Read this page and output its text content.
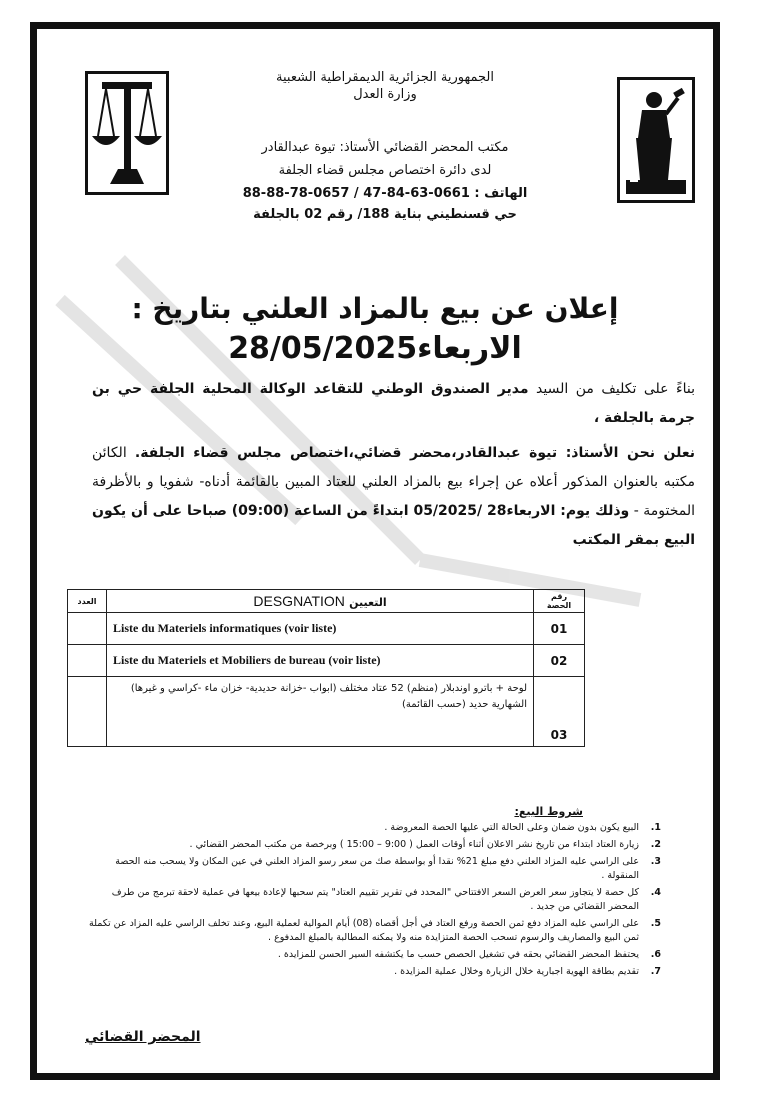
الجمهورية الجزائرية الديمقراطية الشعبية
وزارة العدل
مكتب المحضر القضائي الأستاذ: تيوة عبدالقادر
لدى دائرة اختصاص مجلس قضاء الجلفة
الهاتف : 0661-63-84-47 / 0657-78-88-88
حي قسنطيني بناية 188/ رقم 02 بالجلفة
إعلان عن بيع بالمزاد العلني بتاريخ :
الاربعاء28/05/2025
بناءً على تكليف من السيد مدير الصندوق الوطني للتقاعد الوكالة المحلية الجلفة حي بن جرمة بالجلفة ،
نعلن نحن الأستاذ: تيوة عبدالقادر،محضر قضائي،اختصاص مجلس قضاء الجلفة. الكائن مكتبه بالعنوان المذكور أعلاه عن إجراء بيع بالمزاد العلني للعتاد المبين بالقائمة أدناه- شفويا و بالأظرفة المختومة - وذلك يوم: الاربعاء28 /05/2025 ابتداءً من الساعة (09:00) صباحا على أن يكون البيع بمقر المكتب
رقم الحصة	التعيين DESGNATION	العدد
01	Liste du Materiels informatiques (voir liste)	
02	Liste du Materiels et Mobiliers de bureau (voir liste)	
03	لوحة + باترو اوندبلار (منظم) 52 عتاد مختلف (ابواب -خزانة حديدية- خزان ماء -كراسي و غيرها) الشهارية حديد (حسب القائمة)	
شروط البيع:
1.
البيع يكون بدون ضمان وعلى الحالة التي عليها الحصة المعروضة .
2.
زيارة العتاد ابتداء من تاريخ نشر الاعلان أثناء أوقات العمل ( 9:00 – 15:00 ) وبرخصة من مكتب المحضر القضائي .
3.
على الراسي عليه المزاد العلني دفع مبلغ 21% نقدا أو بواسطة صك من سعر رسو المزاد العلني في عين المكان ولا يسحب منه الحصة المنقولة .
4.
كل حصة لا يتجاوز سعر العرض السعر الافتتاحي "المحدد في تقرير تقييم العتاد" يتم سحبها لإعادة بيعها في عملية لاحقة تبرمج من طرف المحضر القضائي من جديد .
5.
على الراسي عليه المزاد دفع ثمن الحصة ورفع العتاد في أجل أقصاه (08) أيام الموالية لعملية البيع، وعند تخلف الراسي عليه المزاد عن تكملة ثمن البيع والمصاريف والرسوم تسحب الحصة المتزايدة منه ولا يمكنه المطالبة بالمبلغ المدفوع .
6.
يحتفظ المحضر القضائي بحقه في تشغيل الحصص حسب ما يكتشفه السير الحسن للمزايدة .
7.
تقديم بطاقة الهوية اجبارية خلال الزيارة وخلال عملية المزايدة .
المحضر القضائي
